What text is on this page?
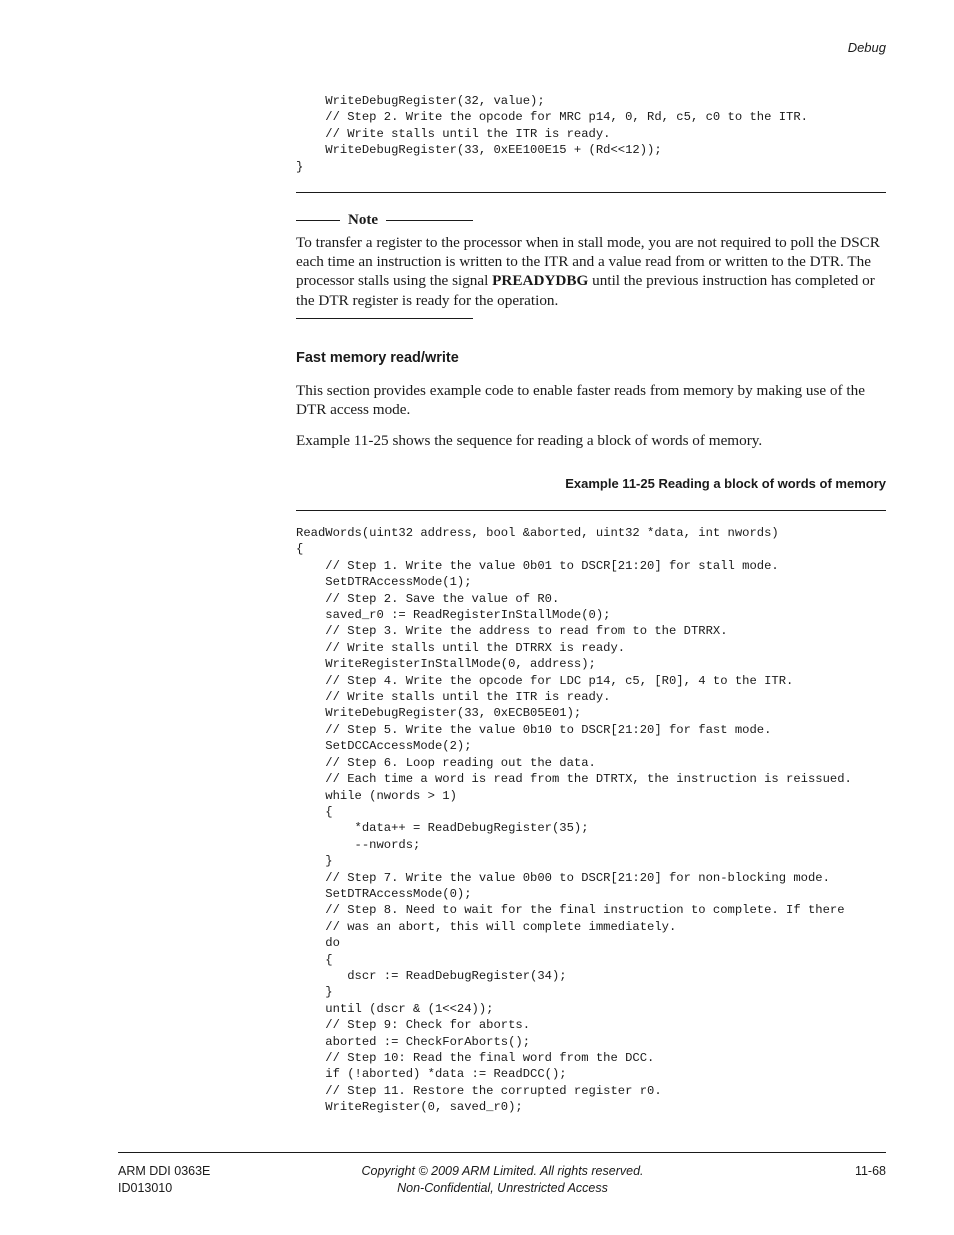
Debug
WriteDebugRegister(32, value);
// Step 2. Write the opcode for MRC p14, 0, Rd, c5, c0 to the ITR.
// Write stalls until the ITR is ready.
WriteDebugRegister(33, 0xEE100E15 + (Rd<<12));
}
Note

To transfer a register to the processor when in stall mode, you are not required to poll the DSCR each time an instruction is written to the ITR and a value read from or written to the DTR. The processor stalls using the signal PREADYDBG until the previous instruction has completed or the DTR register is ready for the operation.

Fast memory read/write

This section provides example code to enable faster reads from memory by making use of the DTR access mode.

Example 11-25 shows the sequence for reading a block of words of memory.

Example 11-25 Reading a block of words of memory

ReadWords(uint32 address, bool &aborted, uint32 *data, int nwords)
{
// Step 1. Write the value 0b01 to DSCR[21:20] for stall mode.
SetDTRAccessMode(1);
// Step 2. Save the value of R0.
saved_r0 := ReadRegisterInStallMode(0);
// Step 3. Write the address to read from to the DTRRX.
// Write stalls until the DTRRX is ready.
WriteRegisterInStallMode(0, address);
// Step 4. Write the opcode for LDC p14, c5, [R0], 4 to the ITR.
// Write stalls until the ITR is ready.
WriteDebugRegister(33, 0xECB05E01);
// Step 5. Write the value 0b10 to DSCR[21:20] for fast mode.
SetDCCAccessMode(2);
// Step 6. Loop reading out the data.
// Each time a word is read from the DTRTX, the instruction is reissued.
while (nwords > 1)
{
*data++ = ReadDebugRegister(35);
--nwords;
}
// Step 7. Write the value 0b00 to DSCR[21:20] for non-blocking mode.
SetDTRAccessMode(0);
// Step 8. Need to wait for the final instruction to complete. If there
// was an abort, this will complete immediately.
do
{
dscr := ReadDebugRegister(34);
}
until (dscr & (1<<24));
// Step 9: Check for aborts.
aborted := CheckForAborts();
// Step 10: Read the final word from the DCC.
if (!aborted) *data := ReadDCC();
// Step 11. Restore the corrupted register r0.
WriteRegister(0, saved_r0);
ARM DDI 0363E
ID013010
Copyright © 2009 ARM Limited. All rights reserved.
Non-Confidential, Unrestricted Access
11-68
